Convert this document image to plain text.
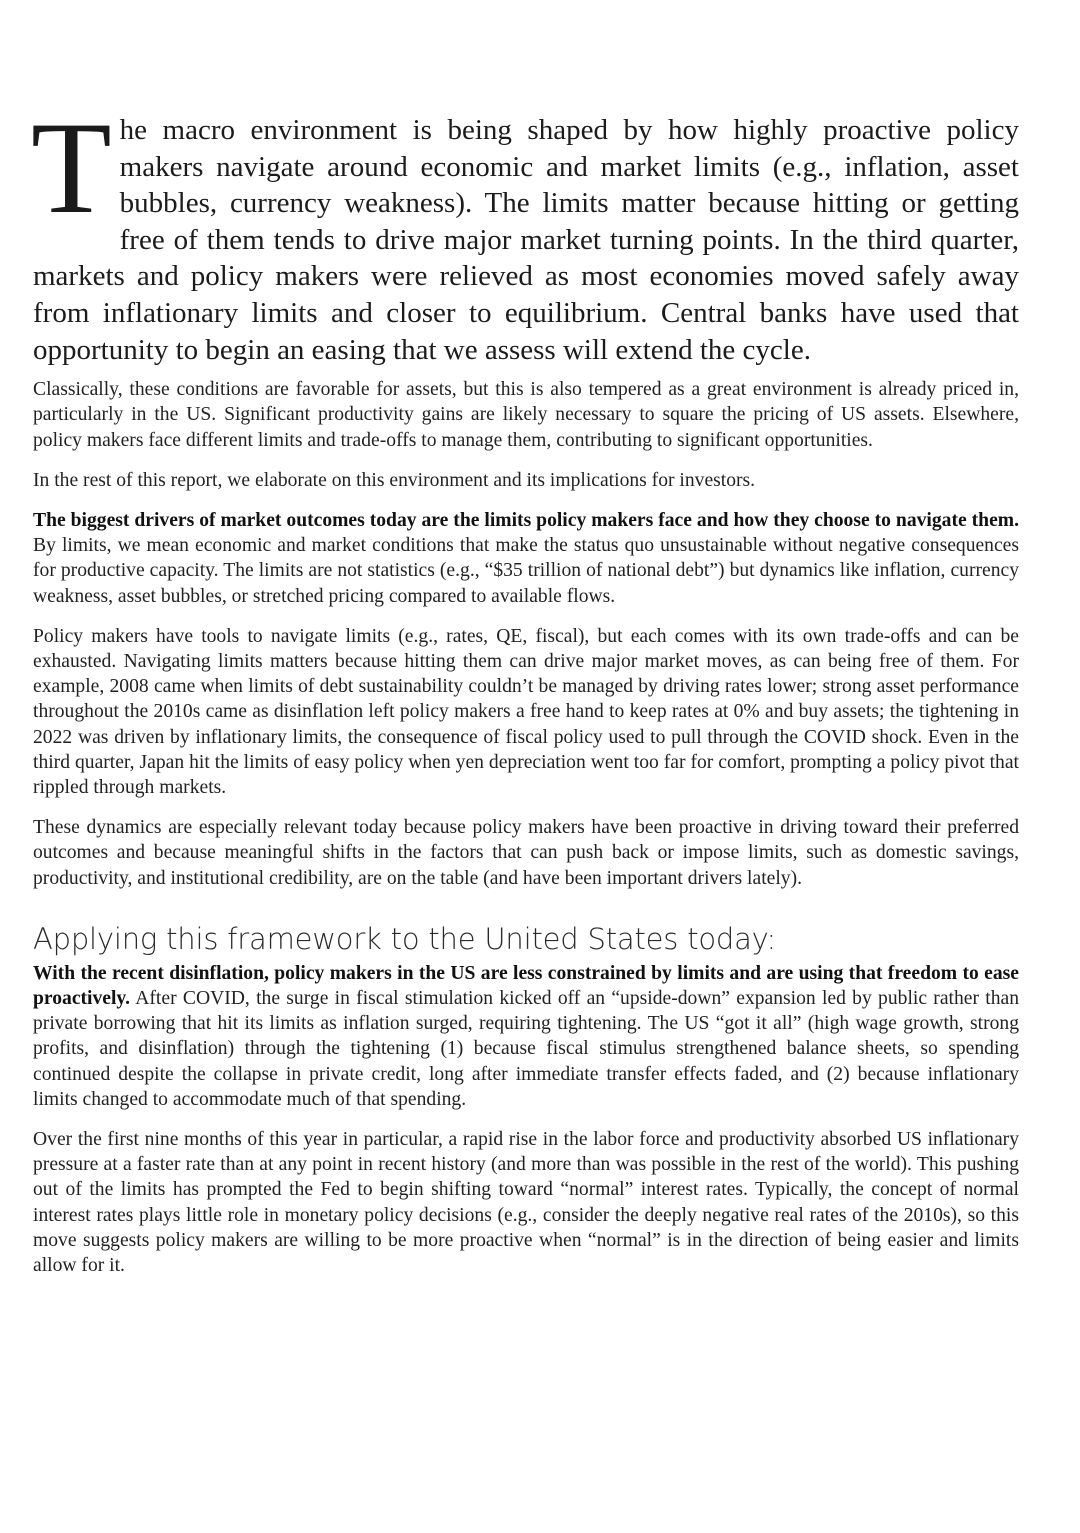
The macro environment is being shaped by how highly proactive policy makers navigate around economic and market limits (e.g., inflation, asset bubbles, currency weakness). The limits matter because hitting or getting free of them tends to drive major market turning points. In the third quarter, markets and policy makers were relieved as most economies moved safely away from inflationary limits and closer to equilibrium. Central banks have used that opportunity to begin an easing that we assess will extend the cycle.

Classically, these conditions are favorable for assets, but this is also tempered as a great environment is already priced in, particularly in the US. Significant productivity gains are likely necessary to square the pricing of US assets. Elsewhere, policy makers face different limits and trade-offs to manage them, contributing to significant opportunities.

In the rest of this report, we elaborate on this environment and its implications for investors.

The biggest drivers of market outcomes today are the limits policy makers face and how they choose to navigate them. By limits, we mean economic and market conditions that make the status quo unsustainable without negative consequences for productive capacity. The limits are not statistics (e.g., “$35 trillion of national debt”) but dynamics like inflation, currency weakness, asset bubbles, or stretched pricing compared to available flows.

Policy makers have tools to navigate limits (e.g., rates, QE, fiscal), but each comes with its own trade-offs and can be exhausted. Navigating limits matters because hitting them can drive major market moves, as can being free of them. For example, 2008 came when limits of debt sustainability couldn’t be managed by driving rates lower; strong asset performance throughout the 2010s came as disinflation left policy makers a free hand to keep rates at 0% and buy assets; the tightening in 2022 was driven by inflationary limits, the consequence of fiscal policy used to pull through the COVID shock. Even in the third quarter, Japan hit the limits of easy policy when yen depreciation went too far for comfort, prompting a policy pivot that rippled through markets.

These dynamics are especially relevant today because policy makers have been proactive in driving toward their preferred outcomes and because meaningful shifts in the factors that can push back or impose limits, such as domestic savings, productivity, and institutional credibility, are on the table (and have been important drivers lately).

Applying this framework to the United States today:

With the recent disinflation, policy makers in the US are less constrained by limits and are using that freedom to ease proactively. After COVID, the surge in fiscal stimulation kicked off an “upside-down” expansion led by public rather than private borrowing that hit its limits as inflation surged, requiring tightening. The US “got it all” (high wage growth, strong profits, and disinflation) through the tightening (1) because fiscal stimulus strengthened balance sheets, so spending continued despite the collapse in private credit, long after immediate transfer effects faded, and (2) because inflationary limits changed to accommodate much of that spending.

Over the first nine months of this year in particular, a rapid rise in the labor force and productivity absorbed US inflationary pressure at a faster rate than at any point in recent history (and more than was possible in the rest of the world). This pushing out of the limits has prompted the Fed to begin shifting toward “normal” interest rates. Typically, the concept of normal interest rates plays little role in monetary policy decisions (e.g., consider the deeply negative real rates of the 2010s), so this move suggests policy makers are willing to be more proactive when “normal” is in the direction of being easier and limits allow for it.
